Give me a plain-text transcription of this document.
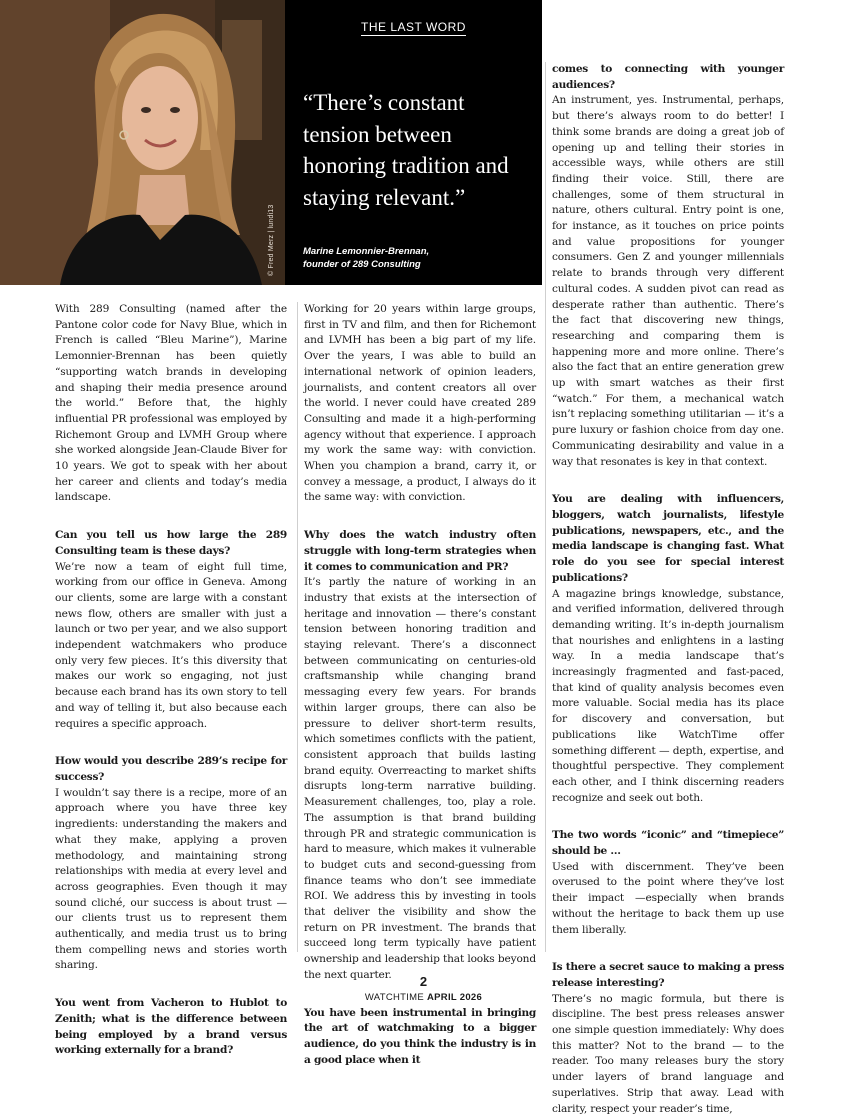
© Fred Merz | lundi13
THE LAST WORD

“There’s constant tension between honoring tradition and staying relevant.”

Marine Lemonnier-Brennan,
founder of 289 Consulting

With 289 Consulting (named after the Pantone color code for Navy Blue, which in French is called “Bleu Marine”), Marine Lemonnier-Brennan has been quietly “supporting watch brands in developing and shaping their media presence around the world.” Before that, the highly influential PR professional was employed by Richemont Group and LVMH Group where she worked alongside Jean-Claude Biver for 10 years. We got to speak with her about her career and clients and today’s media landscape.

Can you tell us how large the 289 Consulting team is these days?

We’re now a team of eight full time, working from our office in Geneva. Among our clients, some are large with a constant news flow, others are smaller with just a launch or two per year, and we also support independent watchmakers who produce only very few pieces. It’s this diversity that makes our work so engaging, not just because each brand has its own story to tell and way of telling it, but also because each requires a specific approach.

How would you describe 289’s recipe for success?

I wouldn’t say there is a recipe, more of an approach where you have three key ingredients: understanding the makers and what they make, applying a proven methodology, and maintaining strong relationships with media at every level and across geographies. Even though it may sound cliché, our success is about trust — our clients trust us to represent them authentically, and media trust us to bring them compelling news and stories worth sharing.

You went from Vacheron to Hublot to Zenith; what is the difference between being employed by a brand versus working externally for a brand?

Working for 20 years within large groups, first in TV and film, and then for Richemont and LVMH has been a big part of my life. Over the years, I was able to build an international network of opinion leaders, journalists, and content creators all over the world. I never could have created 289 Consulting and made it a high-performing agency without that experience. I approach my work the same way: with conviction. When you champion a brand, carry it, or convey a message, a product, I always do it the same way: with conviction.

Why does the watch industry often struggle with long-term strategies when it comes to communication and PR?

It’s partly the nature of working in an industry that exists at the intersection of heritage and innovation — there’s constant tension between honoring tradition and staying relevant. There’s a disconnect between communicating on centuries-old craftsmanship while changing brand messaging every few years. For brands within larger groups, there can also be pressure to deliver short-term results, which sometimes conflicts with the patient, consistent approach that builds lasting brand equity. Overreacting to market shifts disrupts long-term narrative building. Measurement challenges, too, play a role. The assumption is that brand building through PR and strategic communication is hard to measure, which makes it vulnerable to budget cuts and second-guessing from finance teams who don’t see immediate ROI. We address this by investing in tools that deliver the visibility and show the return on PR investment. The brands that succeed long term typically have patient ownership and leadership that looks beyond the next quarter.

You have been instrumental in bringing the art of watchmaking to a bigger audience, do you think the industry is in a good place when it

comes to connecting with younger audiences?

An instrument, yes. Instrumental, perhaps, but there’s always room to do better! I think some brands are doing a great job of opening up and telling their stories in accessible ways, while others are still finding their voice. Still, there are challenges, some of them structural in nature, others cultural. Entry point is one, for instance, as it touches on price points and value propositions for younger consumers. Gen Z and younger millennials relate to brands through very different cultural codes. A sudden pivot can read as desperate rather than authentic. There’s the fact that discovering new things, researching and comparing them is happening more and more online. There’s also the fact that an entire generation grew up with smart watches as their first “watch.” For them, a mechanical watch isn’t replacing something utilitarian — it’s a pure luxury or fashion choice from day one. Communicating desirability and value in a way that resonates is key in that context.

You are dealing with influencers, bloggers, watch journalists, lifestyle publications, newspapers, etc., and the media landscape is changing fast. What role do you see for special interest publications?

A magazine brings knowledge, substance, and verified information, delivered through demanding writing. It’s in-depth journalism that nourishes and enlightens in a lasting way. In a media landscape that’s increasingly fragmented and fast-paced, that kind of quality analysis becomes even more valuable. Social media has its place for discovery and conversation, but publications like WatchTime offer something different — depth, expertise, and thoughtful perspective. They complement each other, and I think discerning readers recognize and seek out both.

The two words “iconic” and “timepiece” should be …

Used with discernment. They’ve been overused to the point where they’ve lost their impact —especially when brands without the heritage to back them up use them liberally.

Is there a secret sauce to making a press release interesting?

There’s no magic formula, but there is discipline. The best press releases answer one simple question immediately: Why does this matter? Not to the brand — to the reader. Too many releases bury the story under layers of brand language and superlatives. Strip that away. Lead with clarity, respect your reader’s time,

2
WATCHTIME APRIL 2026
